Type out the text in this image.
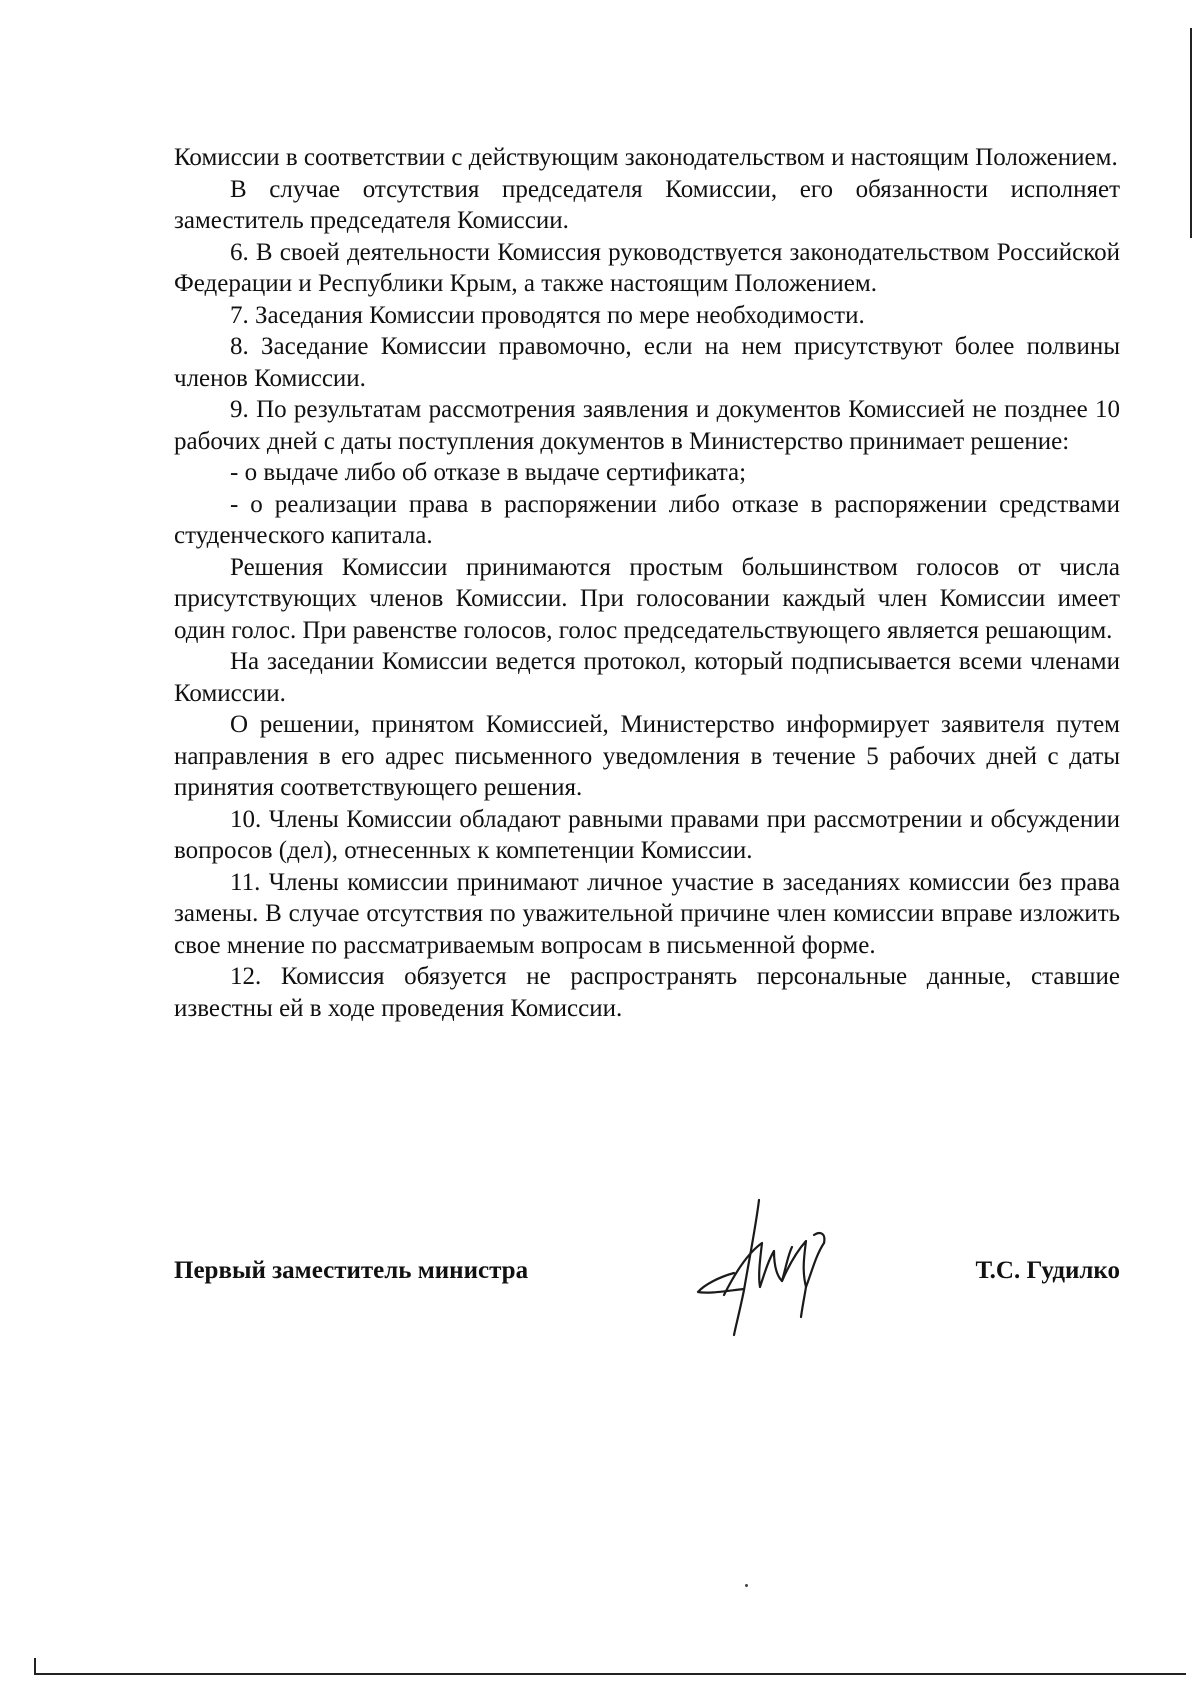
Комиссии в соответствии с действующим законодательством и настоящим Положением.

В случае отсутствия председателя Комиссии, его обязанности исполняет заместитель председателя Комиссии.

6. В своей деятельности Комиссия руководствуется законодательством Российской Федерации и Республики Крым, а также настоящим Положением.

7. Заседания Комиссии проводятся по мере необходимости.

8. Заседание Комиссии правомочно, если на нем присутствуют более полвины членов Комиссии.

9. По результатам рассмотрения заявления и документов Комиссией не позднее 10 рабочих дней с даты поступления документов в Министерство принимает решение:

- о выдаче либо об отказе в выдаче сертификата;

- о реализации права в распоряжении либо отказе в распоряжении средствами студенческого капитала.

Решения Комиссии принимаются простым большинством голосов от числа присутствующих членов Комиссии. При голосовании каждый член Комиссии имеет один голос. При равенстве голосов, голос председательствующего является решающим.

На заседании Комиссии ведется протокол, который подписывается всеми членами Комиссии.

О решении, принятом Комиссией, Министерство информирует заявителя путем направления в его адрес письменного уведомления в течение 5 рабочих дней с даты принятия соответствующего решения.

10. Члены Комиссии обладают равными правами при рассмотрении и обсуждении вопросов (дел), отнесенных к компетенции Комиссии.

11. Члены комиссии принимают личное участие в заседаниях комиссии без права замены. В случае отсутствия по уважительной причине член комиссии вправе изложить свое мнение по рассматриваемым вопросам в письменной форме.

12. Комиссия обязуется не распространять персональные данные, ставшие известны ей в ходе проведения Комиссии.

Первый заместитель министра	Т.С. Гудилко
